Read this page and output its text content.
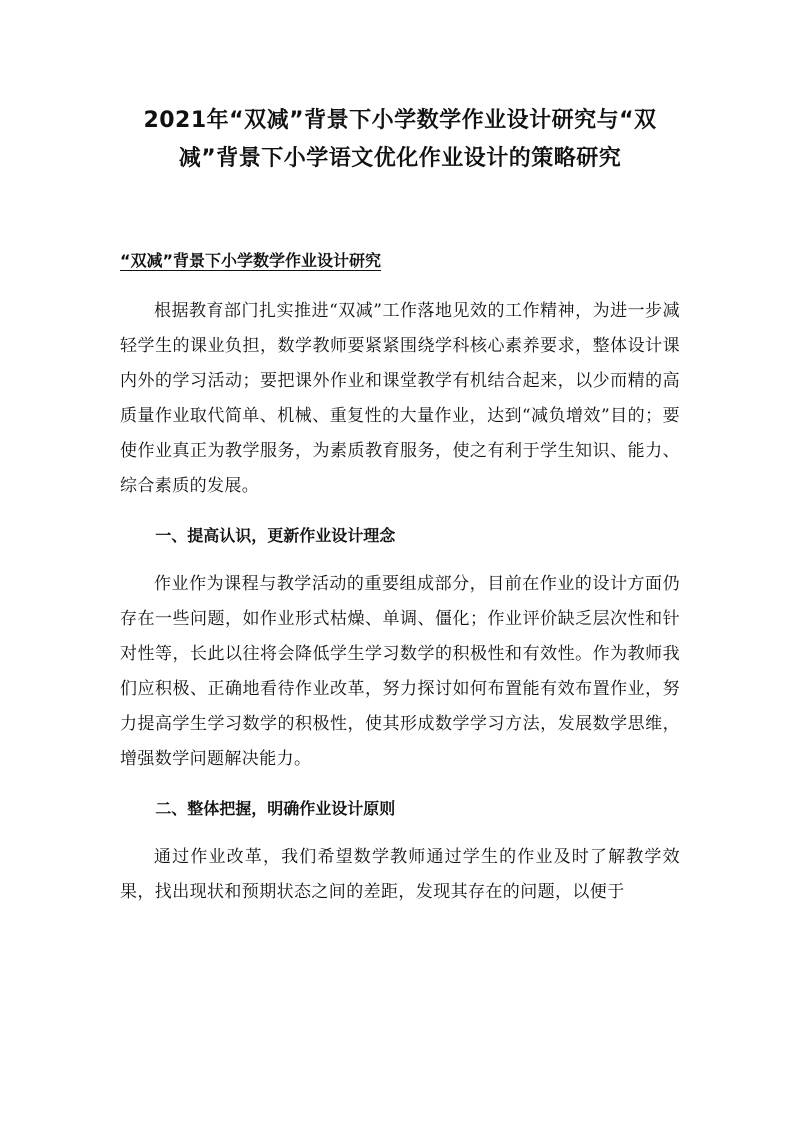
2021年“双减”背景下小学数学作业设计研究与“双减”背景下小学语文优化作业设计的策略研究
“双减”背景下小学数学作业设计研究

根据教育部门扎实推进“双减”工作落地见效的工作精神，为进一步减轻学生的课业负担，数学教师要紧紧围绕学科核心素养要求，整体设计课内外的学习活动；要把课外作业和课堂教学有机结合起来，以少而精的高质量作业取代简单、机械、重复性的大量作业，达到“减负增效”目的；要使作业真正为教学服务，为素质教育服务，使之有利于学生知识、能力、综合素质的发展。

一、提高认识，更新作业设计理念

作业作为课程与教学活动的重要组成部分，目前在作业的设计方面仍存在一些问题，如作业形式枯燥、单调、僵化；作业评价缺乏层次性和针对性等，长此以往将会降低学生学习数学的积极性和有效性。作为教师我们应积极、正确地看待作业改革，努力探讨如何布置能有效布置作业，努力提高学生学习数学的积极性，使其形成数学学习方法，发展数学思维，增强数学问题解决能力。

二、整体把握，明确作业设计原则

通过作业改革，我们希望数学教师通过学生的作业及时了解教学效果，找出现状和预期状态之间的差距，发现其存在的问题，以便于
